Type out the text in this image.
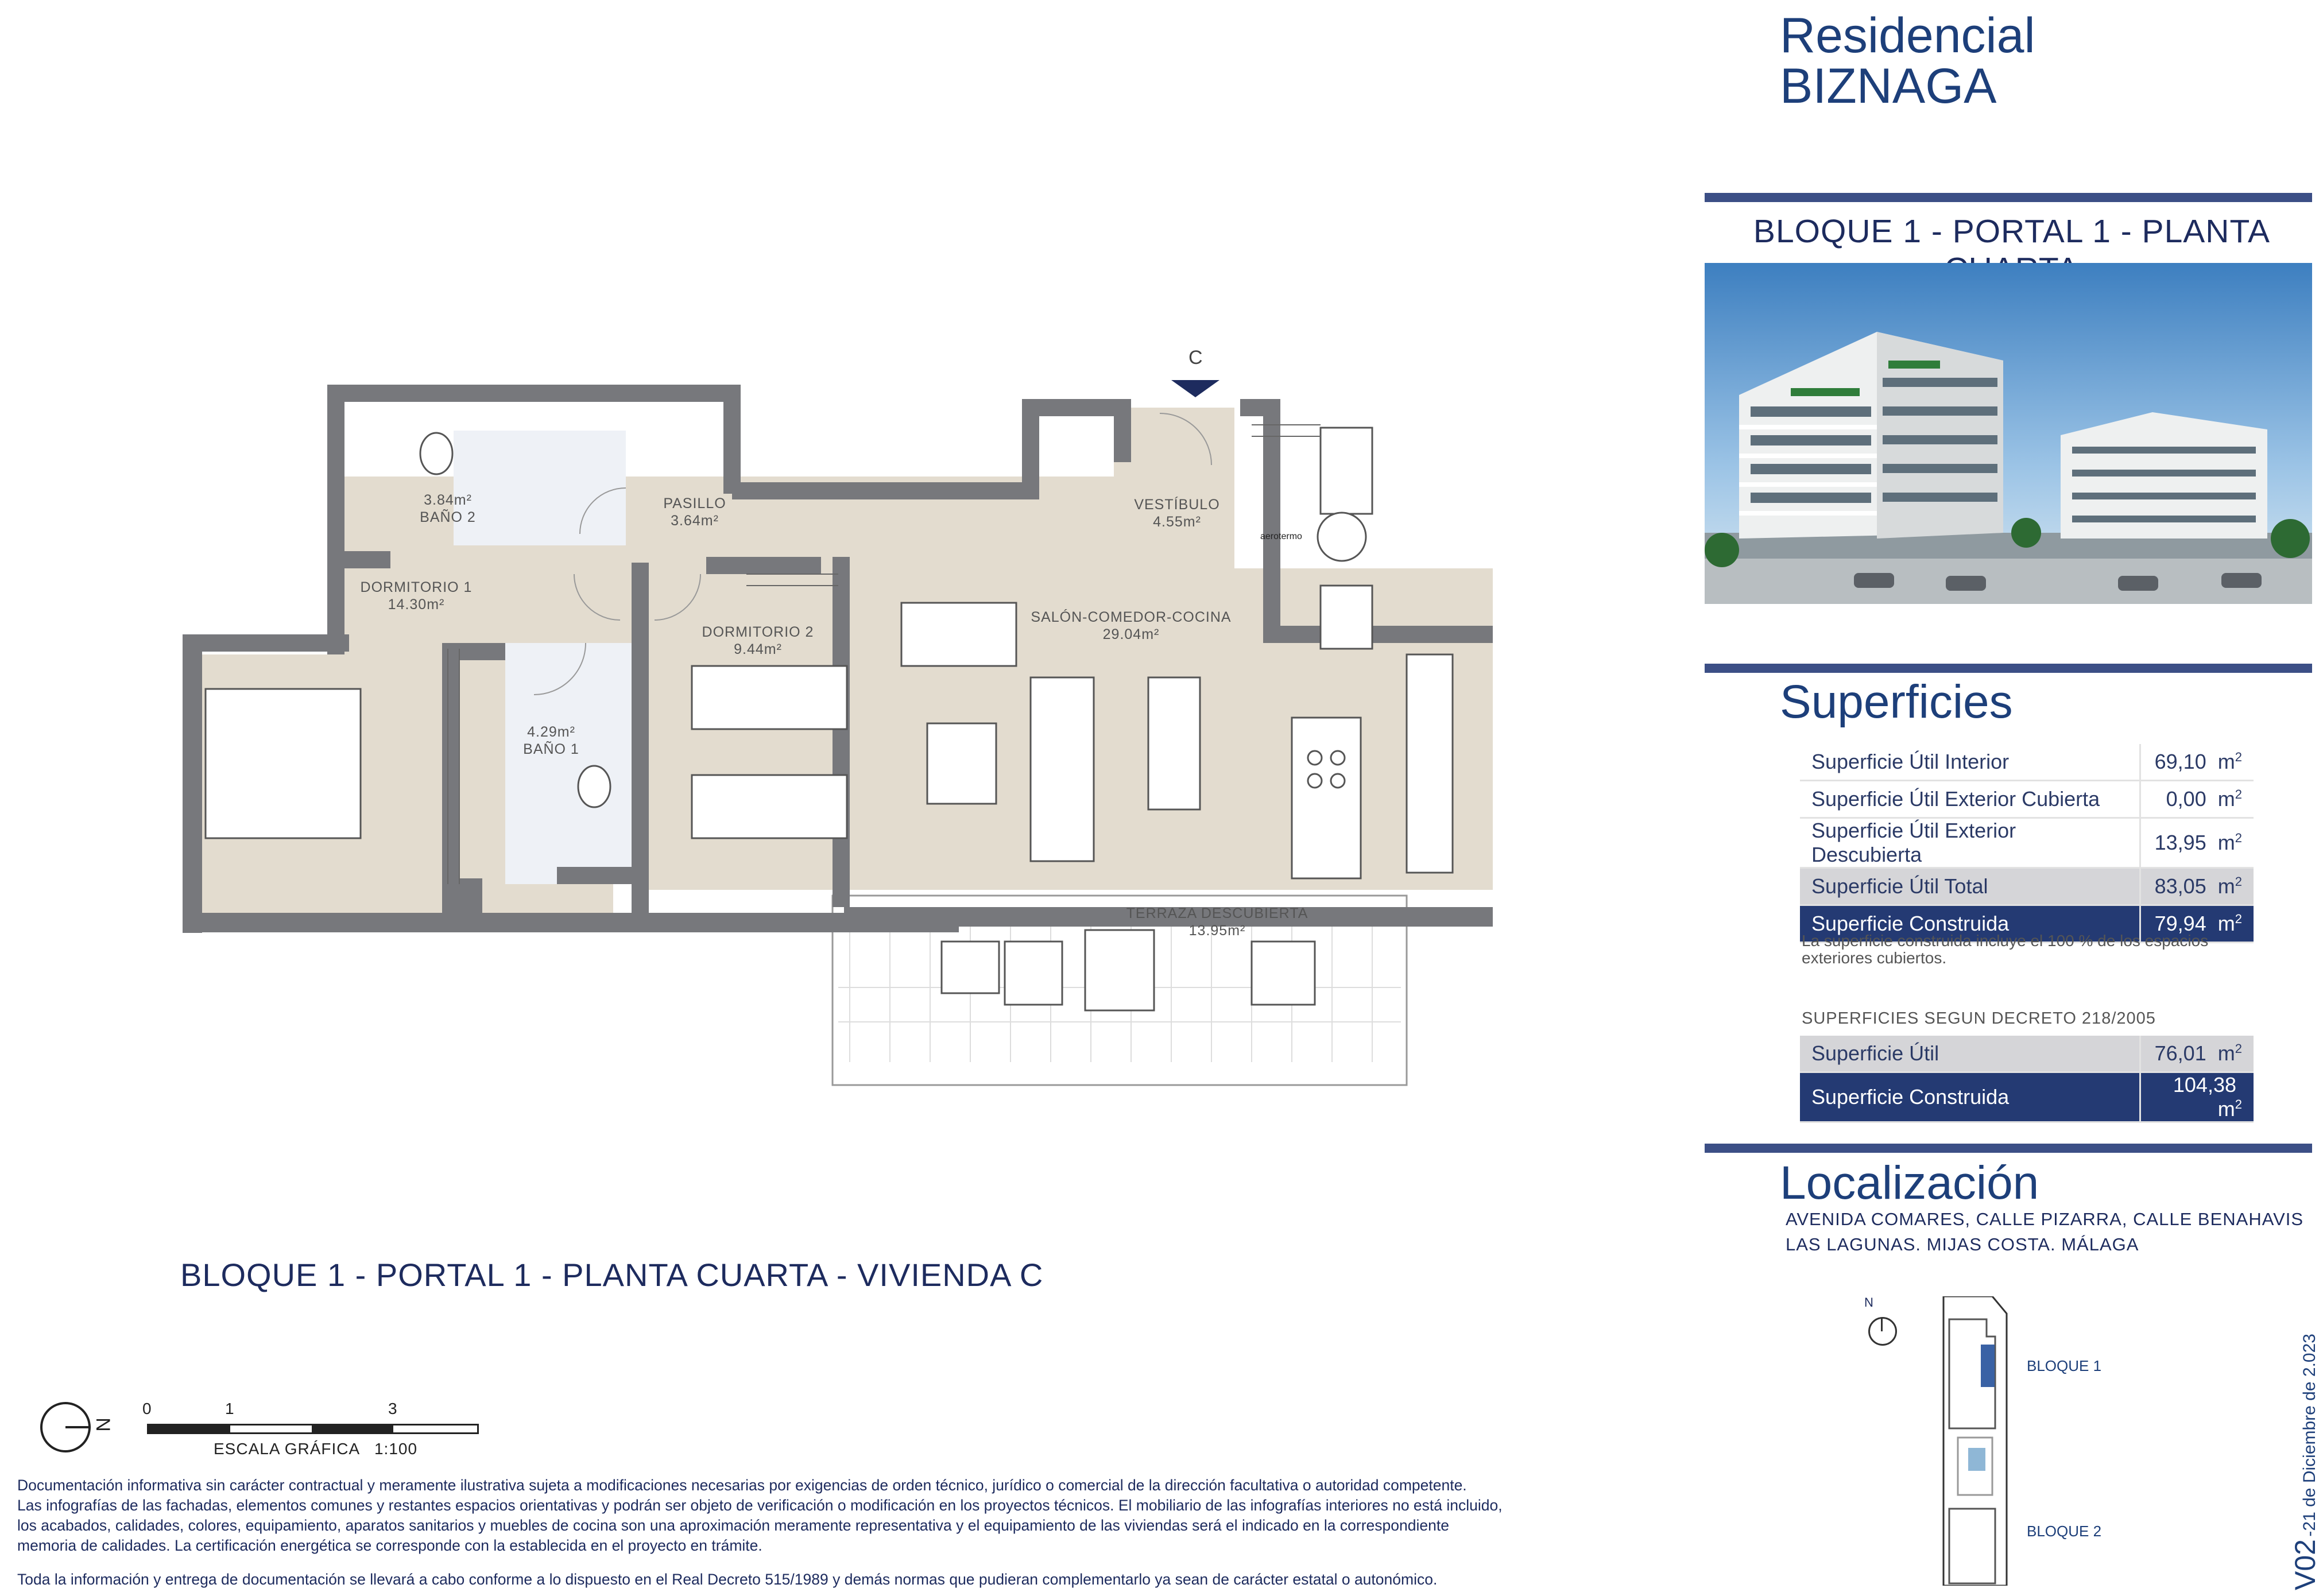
Residencial
BIZNAGA
BLOQUE 1 - PORTAL 1 - PLANTA
Superficies
Superficie Útil Interior	69,10 $m^2$
Superficie Útil Exterior Cubierta	0,00 $m^2$
Superficie Útil Exterior Descubierta	13,95 $m^2$
Superficie Útil Total	83,05 $m^2$
Superficie Construida	79,94 $m^2$
La superficie construida incluye el 100 % de los espacios exteriores cubiertos.
SUPERFICIES SEGUN DECRETO 218/2005
Superficie Útil	76,01 $m^2$
Superficie Construida	104,38  $m^2$
Localización
AVENIDA COMARES, CALLE PIZARRA, CALLE BENAHAVIS
LAS LAGUNAS. MIJAS COSTA. MÁLAGA
N
BLOQUE 1
BLOQUE 2
V02 -21 de Diciembre de 2.023
aerotermo
C
3.84m²
BAÑO 2
PASILLO
3.64m²
VESTÍBULO
4.55m²
DORMITORIO 1
14.30m²
DORMITORIO 2
9.44m²
SALÓN-COMEDOR-COCINA
29.04m²
4.29m²
BAÑO 1
TERRAZA DESCUBIERTA
13.95m²
BLOQUE 1 - PORTAL 1 - PLANTA CUARTA - VIVIENDA C
N
0	1	3
ESCALA GRÁFICA   1:100
Documentación informativa sin carácter contractual y meramente ilustrativa sujeta a modificaciones necesarias por exigencias de orden técnico, jurídico o comercial de la dirección facultativa o autoridad competente.
Las infografías de las fachadas, elementos comunes y restantes espacios orientativas y podrán ser objeto de verificación o modificación en los proyectos técnicos. El mobiliario de las infografías interiores no está incluido,
los acabados, calidades, colores, equipamiento, aparatos sanitarios y muebles de cocina son una aproximación meramente representativa y el equipamiento de las viviendas será el indicado en la correspondiente
memoria de calidades. La certificación energética se corresponde con la establecida en el proyecto en trámite.
Toda la información y entrega de documentación se llevará a cabo conforme a lo dispuesto en el Real Decreto 515/1989 y demás normas que pudieran complementarlo ya sean de carácter estatal o autonómico.
